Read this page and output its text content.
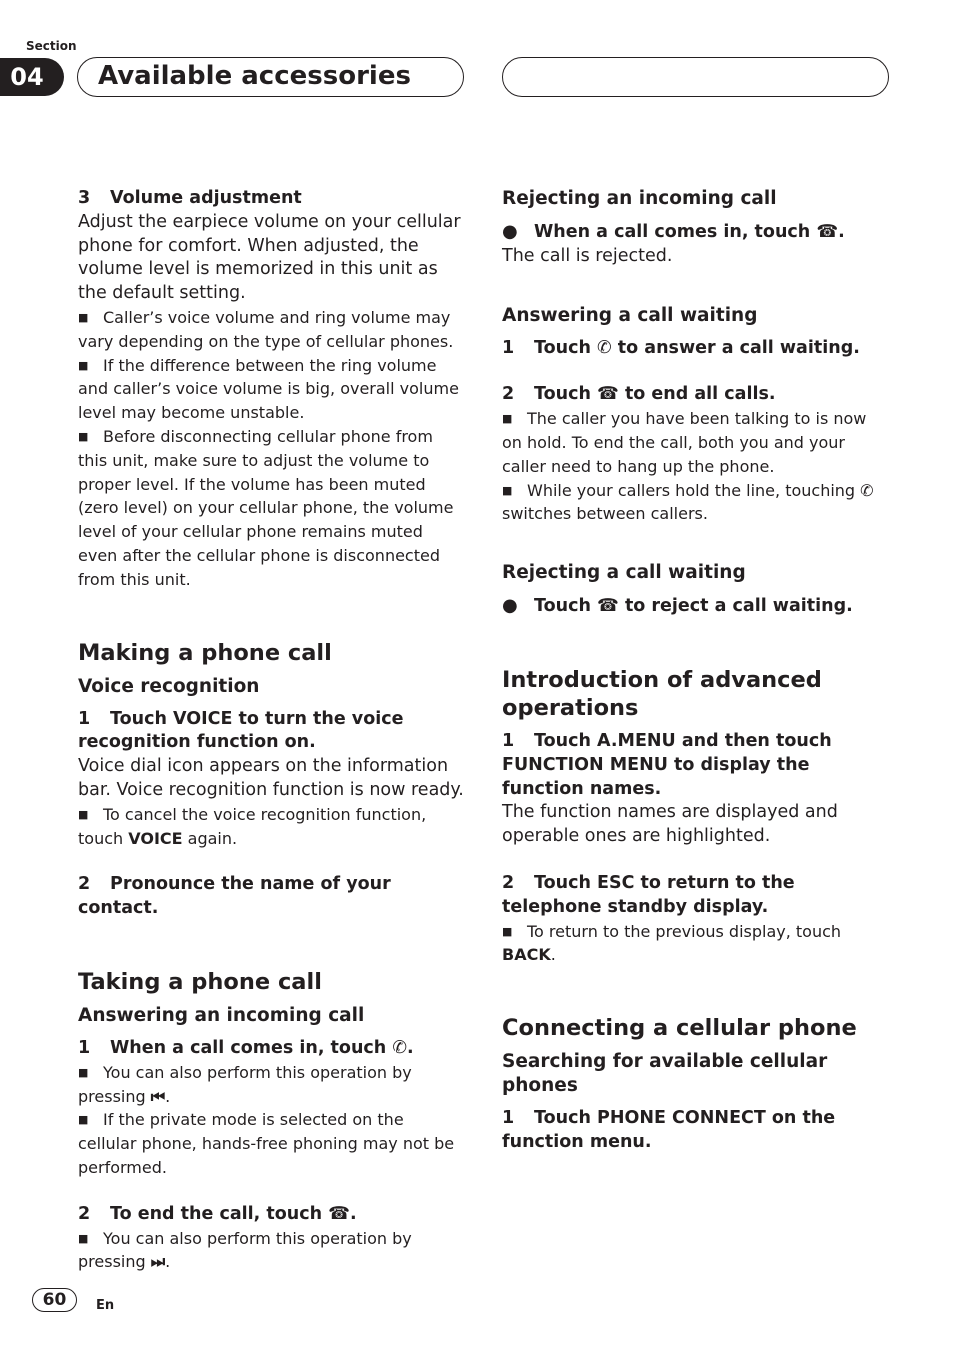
Section
04	Available accessories

3 Volume adjustment

Adjust the earpiece volume on your cellular phone for comfort. When adjusted, the volume level is memorized in this unit as the default setting.

■ Caller’s voice volume and ring volume may vary depending on the type of cellular phones.

■ If the difference between the ring volume and caller’s voice volume is big, overall volume level may become unstable.

■ Before disconnecting cellular phone from this unit, make sure to adjust the volume to proper level. If the volume has been muted (zero level) on your cellular phone, the volume level of your cellular phone remains muted even after the cellular phone is disconnected from this unit.

Making a phone call
Voice recognition

1 Touch VOICE to turn the voice recognition function on.

Voice dial icon appears on the information bar. Voice recognition function is now ready.

■ To cancel the voice recognition function, touch VOICE again.

2 Pronounce the name of your contact.

Taking a phone call
Answering an incoming call

1 When a call comes in, touch ✆.

■ You can also perform this operation by pressing ⏮.

■ If the private mode is selected on the cellular phone, hands-free phoning may not be performed.

2 To end the call, touch ☎.

■ You can also perform this operation by pressing ⏭.

Rejecting an incoming call

● When a call comes in, touch ☎.

The call is rejected.

Answering a call waiting

1 Touch ✆ to answer a call waiting.

2 Touch ☎ to end all calls.

■ The caller you have been talking to is now on hold. To end the call, both you and your caller need to hang up the phone.

■ While your callers hold the line, touching ✆ switches between callers.

Rejecting a call waiting

● Touch ☎ to reject a call waiting.

Introduction of advanced operations

1 Touch A.MENU and then touch FUNCTION MENU to display the function names.

The function names are displayed and operable ones are highlighted.

2 Touch ESC to return to the telephone standby display.

■ To return to the previous display, touch BACK.

Connecting a cellular phone
Searching for available cellular phones

1 Touch PHONE CONNECT on the function menu.

60	En
